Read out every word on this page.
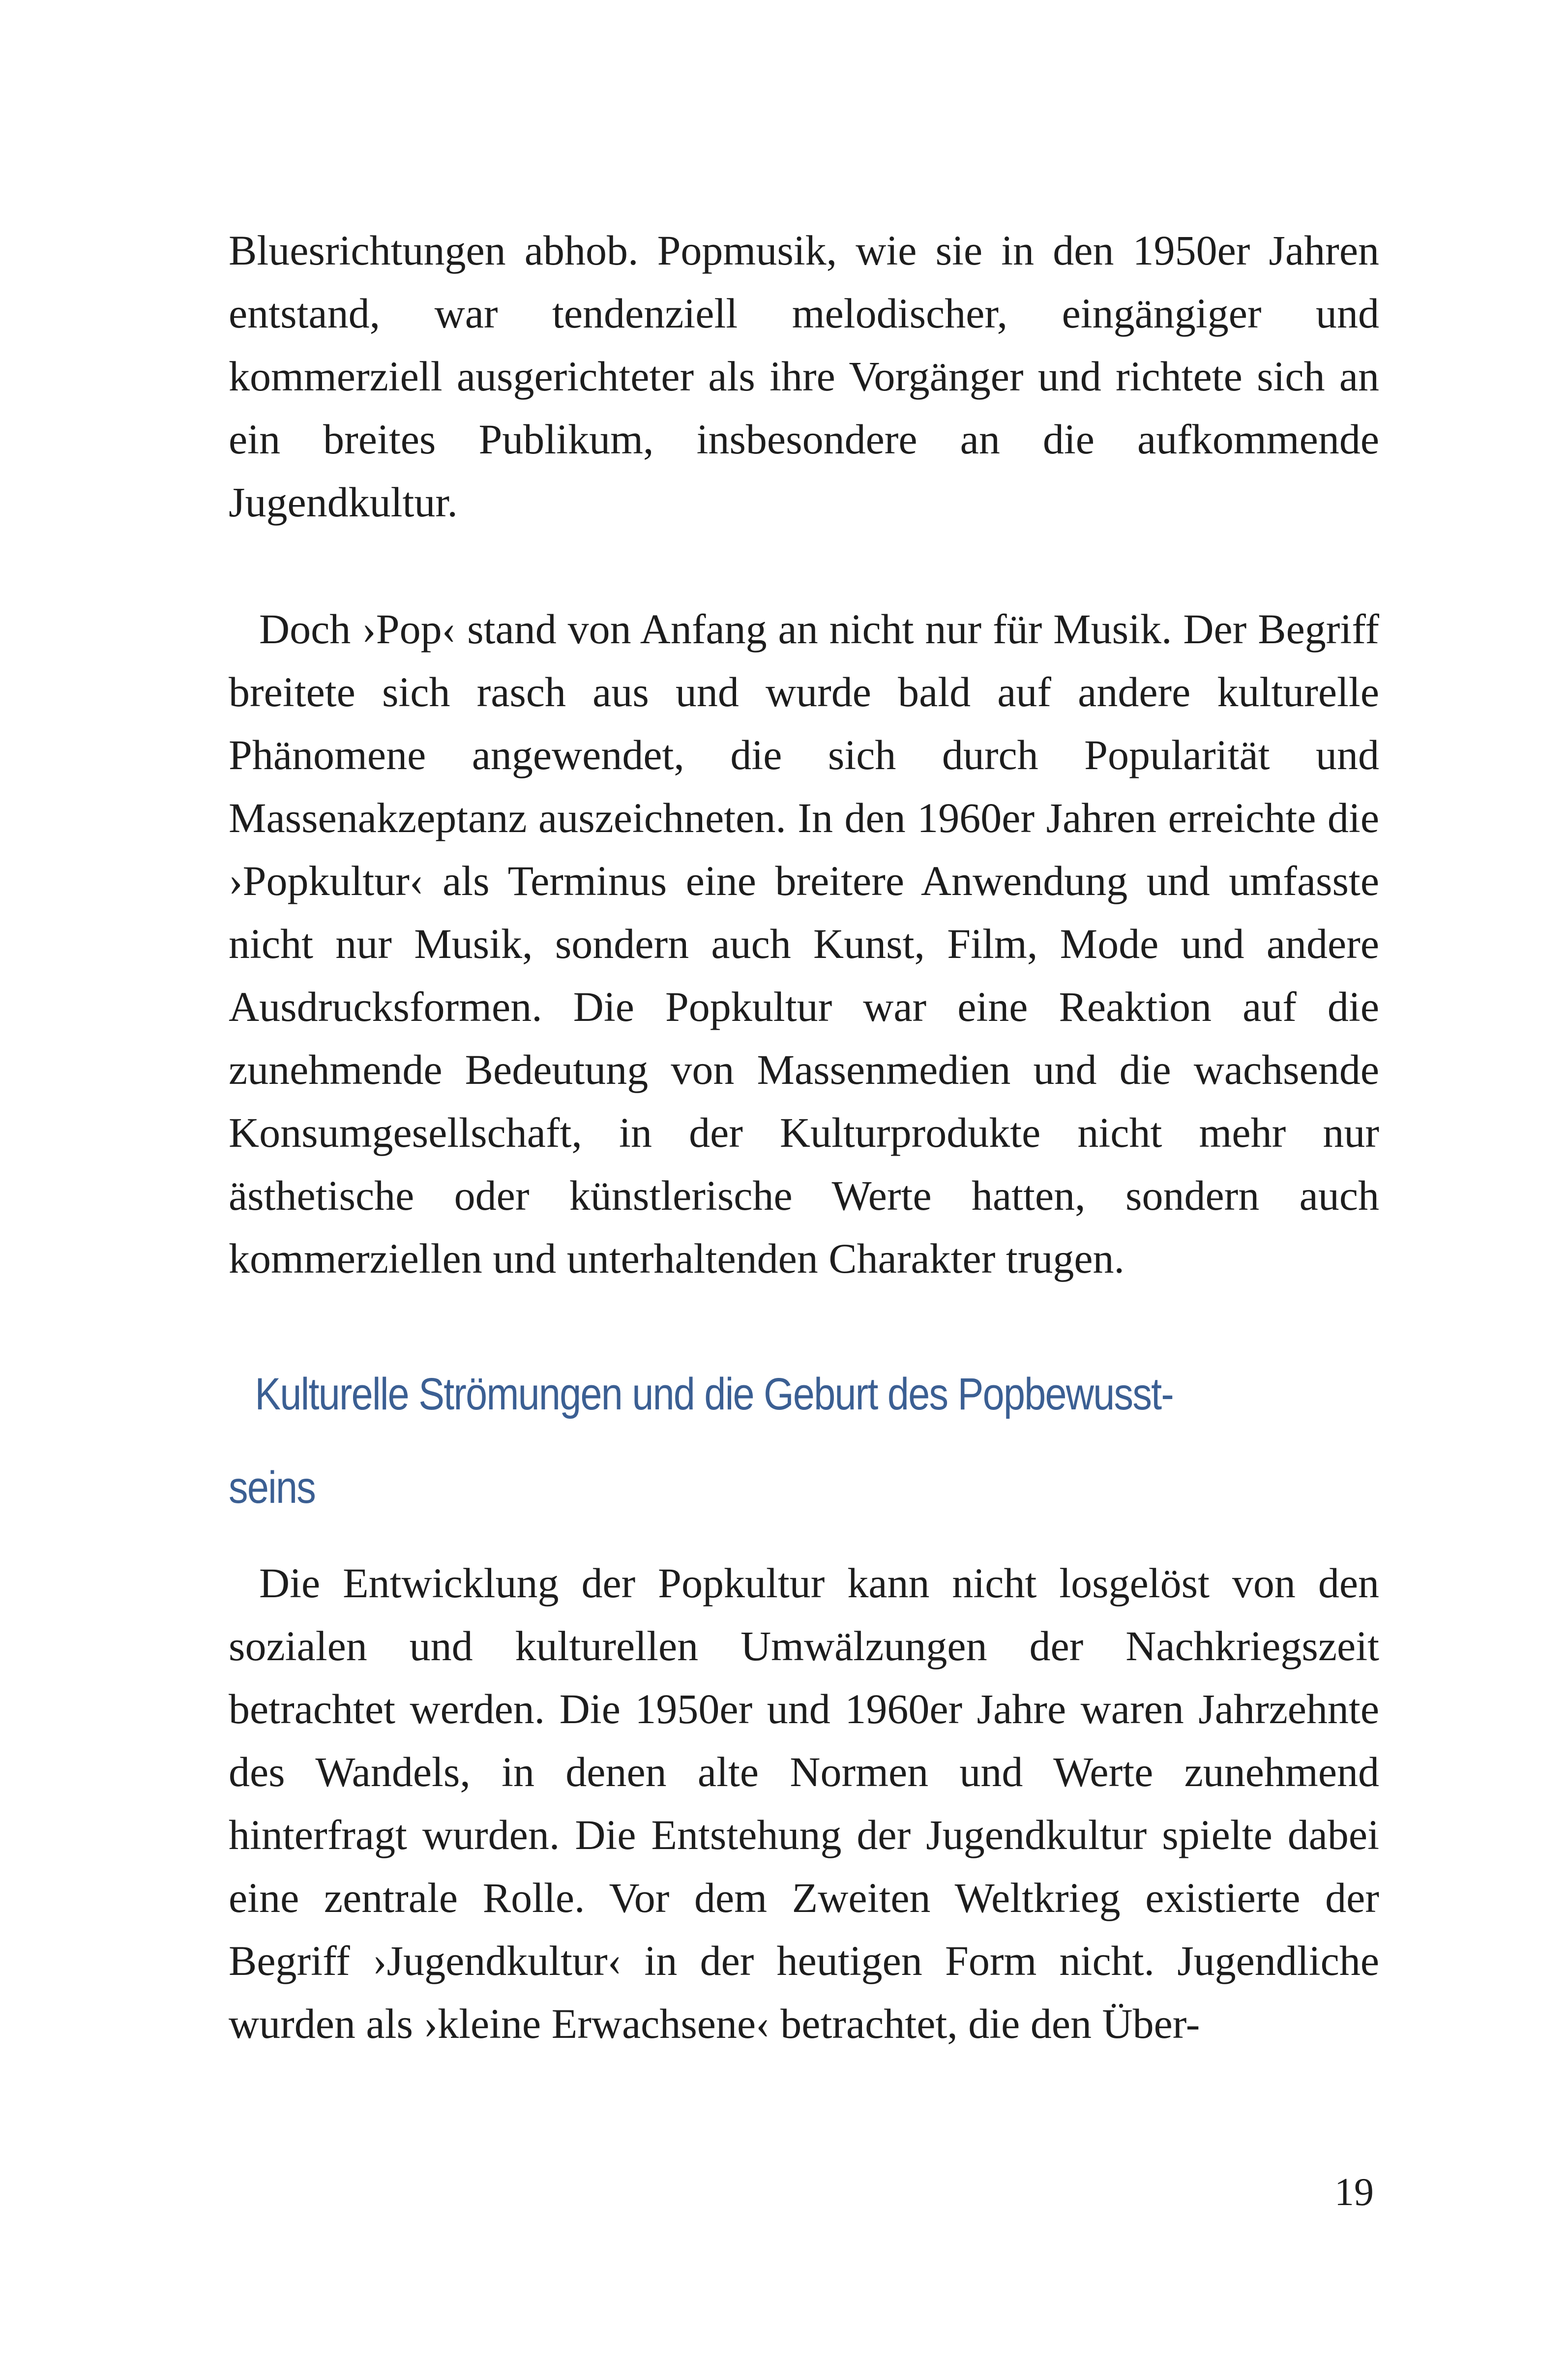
Bluesrichtungen abhob. Popmusik, wie sie in den 1950er Jahren entstand, war tendenziell melodischer, eingängiger und kommerziell ausgerichteter als ihre Vorgänger und richtete sich an ein breites Publikum, insbesondere an die aufkommende Jugendkultur.

Doch ›Pop‹ stand von Anfang an nicht nur für Musik. Der Begriff breitete sich rasch aus und wurde bald auf andere kulturelle Phänomene angewendet, die sich durch Popularität und Massenakzeptanz auszeichneten. In den 1960er Jahren erreichte die ›Popkultur‹ als Terminus eine breitere Anwendung und umfasste nicht nur Musik, sondern auch Kunst, Film, Mode und andere Ausdrucksformen. Die Popkultur war eine Reaktion auf die zunehmende Bedeutung von Massenmedien und die wachsende Konsumgesellschaft, in der Kulturprodukte nicht mehr nur ästhetische oder künstlerische Werte hatten, sondern auch kommerziellen und unterhaltenden Charakter trugen.

Kulturelle Strömungen und die Geburt des Popbewusst-
seins

Die Entwicklung der Popkultur kann nicht losgelöst von den sozialen und kulturellen Umwälzungen der Nachkriegszeit betrachtet werden. Die 1950er und 1960er Jahre waren Jahrzehnte des Wandels, in denen alte Normen und Werte zunehmend hinterfragt wurden. Die Entstehung der Jugendkultur spielte dabei eine zentrale Rolle. Vor dem Zweiten Weltkrieg existierte der Begriff ›Jugendkultur‹ in der heutigen Form nicht. Jugendliche wurden als ›kleine Erwachsene‹ betrachtet, die den Über-

19
